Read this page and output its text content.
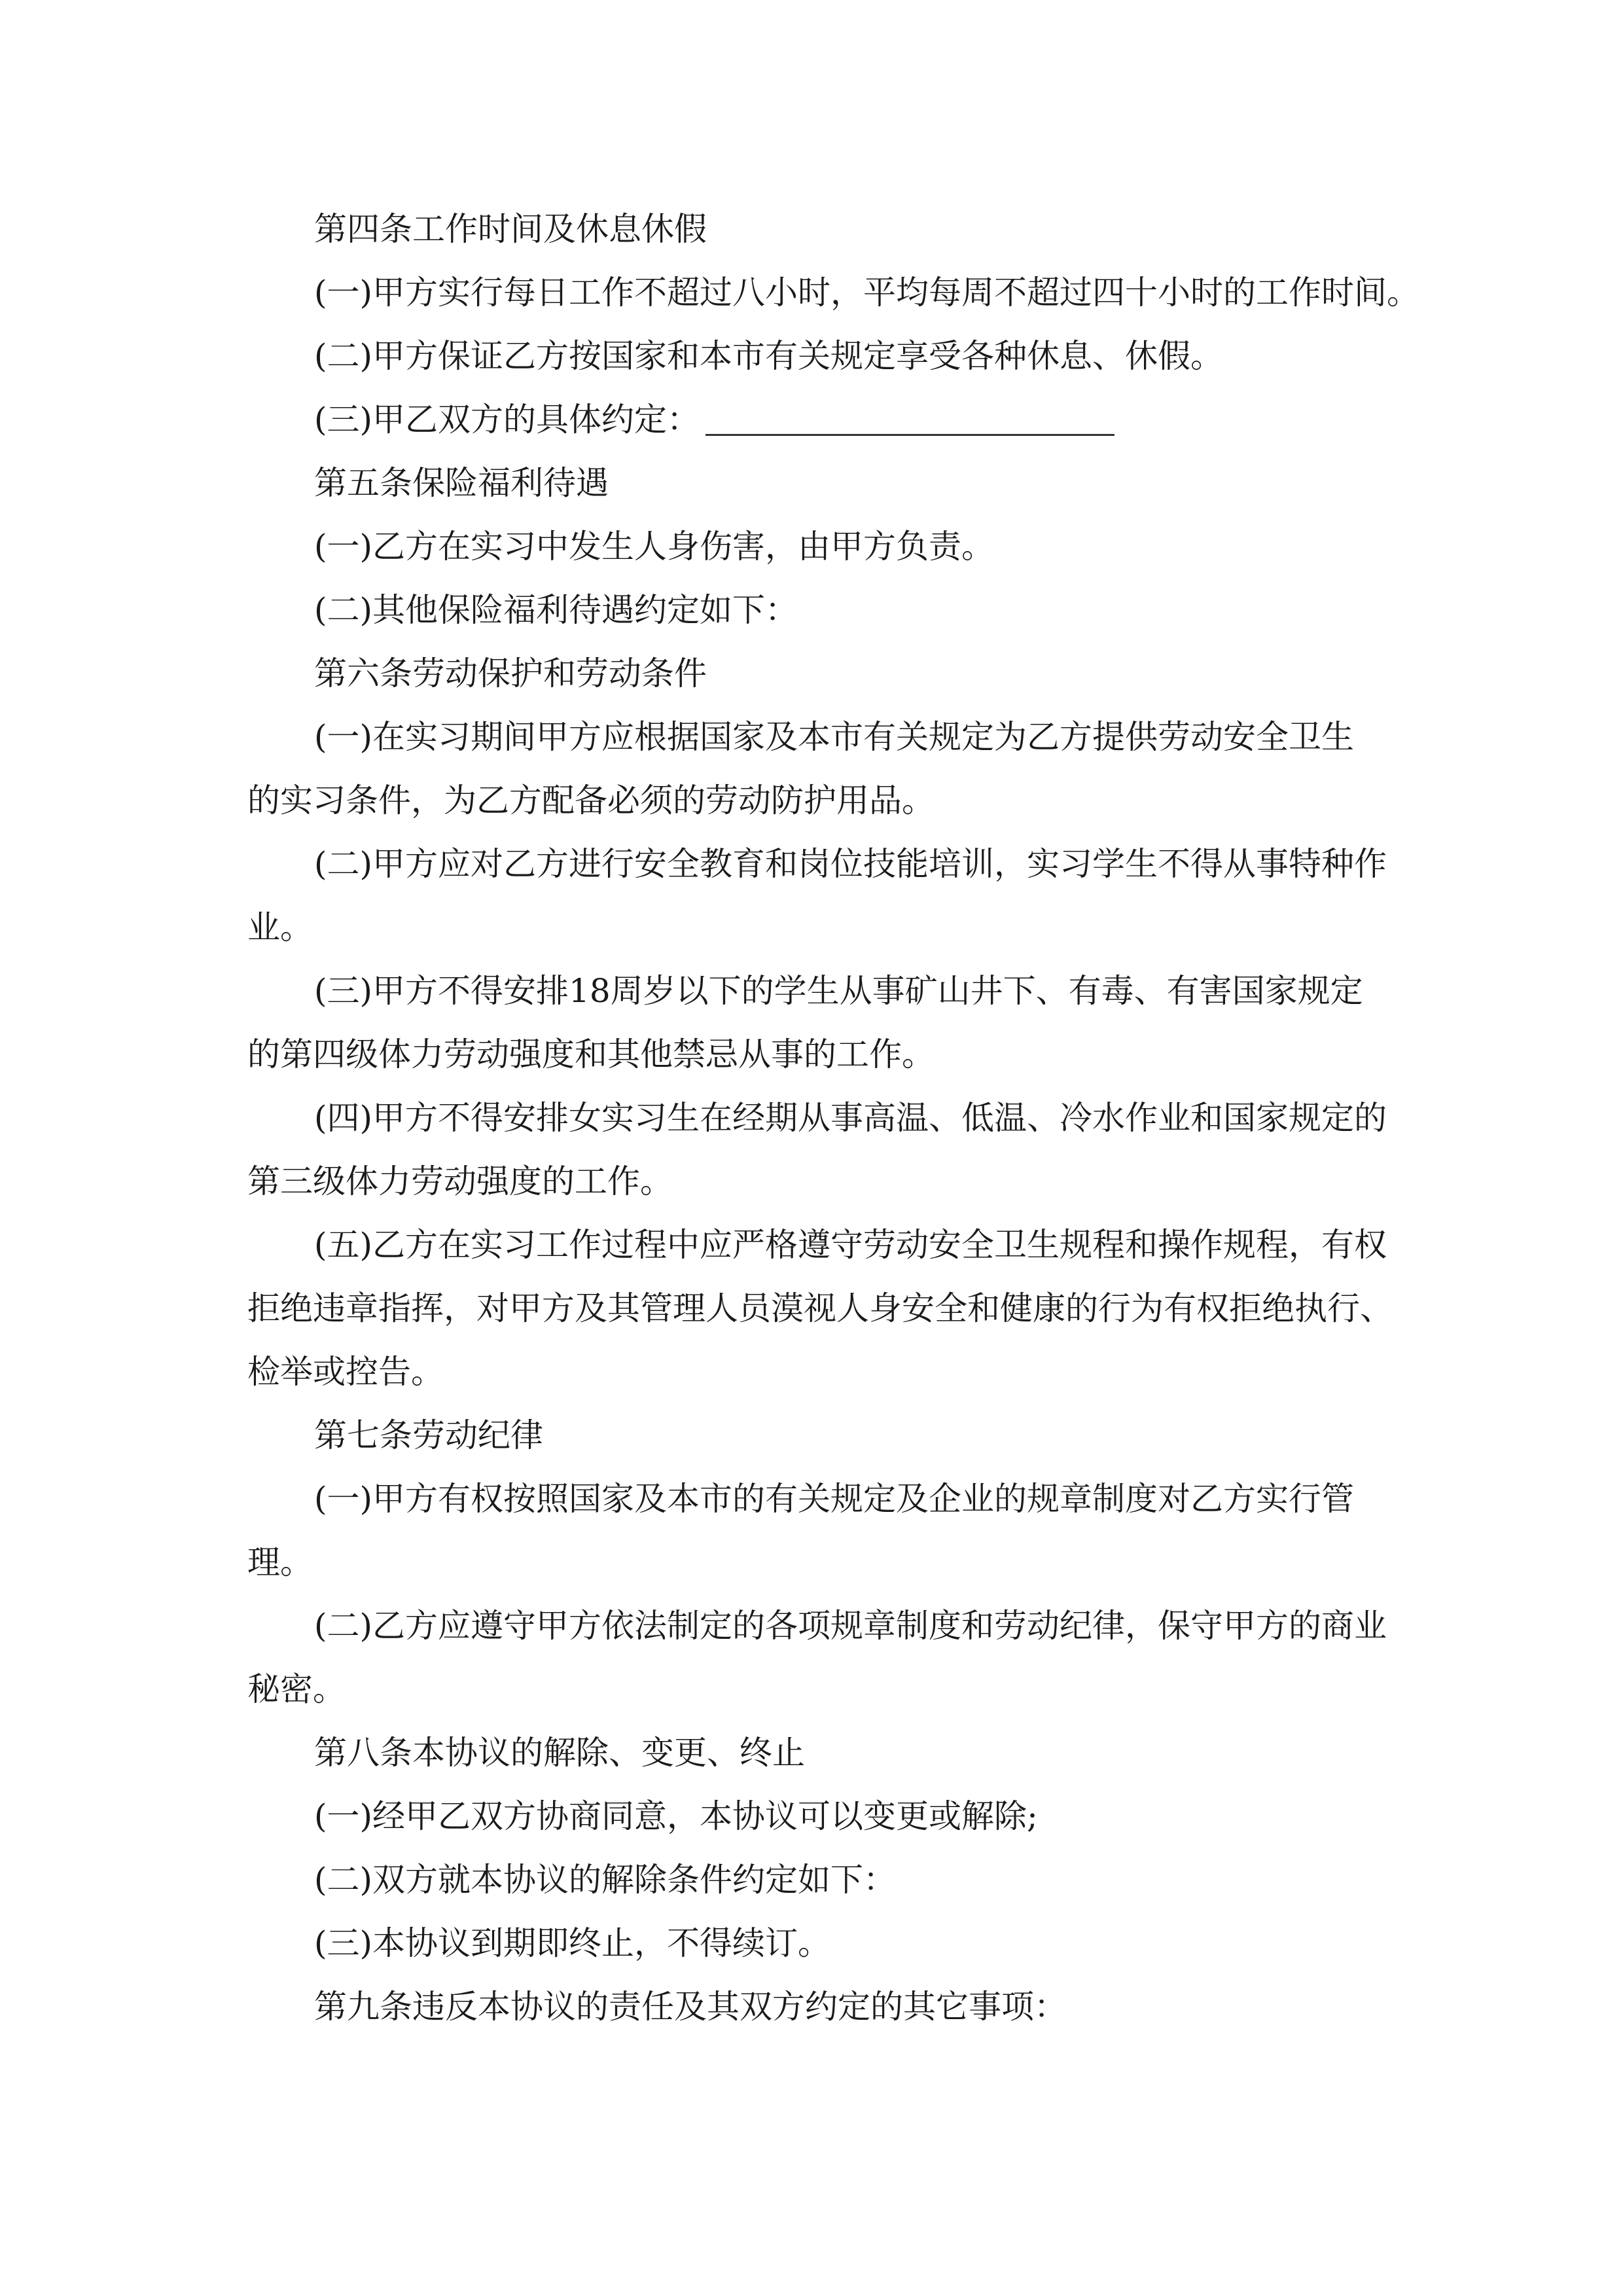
第四条工作时间及休息休假
(一)甲方实行每日工作不超过八小时，平均每周不超过四十小时的工作时间。
(二)甲方保证乙方按国家和本市有关规定享受各种休息、休假。
(三)甲乙双方的具体约定：
第五条保险福利待遇
(一)乙方在实习中发生人身伤害，由甲方负责。
(二)其他保险福利待遇约定如下：
第六条劳动保护和劳动条件
(一)在实习期间甲方应根据国家及本市有关规定为乙方提供劳动安全卫生
的实习条件，为乙方配备必须的劳动防护用品。
(二)甲方应对乙方进行安全教育和岗位技能培训，实习学生不得从事特种作
业。
(三)甲方不得安排18周岁以下的学生从事矿山井下、有毒、有害国家规定
的第四级体力劳动强度和其他禁忌从事的工作。
(四)甲方不得安排女实习生在经期从事高温、低温、冷水作业和国家规定的
第三级体力劳动强度的工作。
(五)乙方在实习工作过程中应严格遵守劳动安全卫生规程和操作规程，有权
拒绝违章指挥，对甲方及其管理人员漠视人身安全和健康的行为有权拒绝执行、
检举或控告。
第七条劳动纪律
(一)甲方有权按照国家及本市的有关规定及企业的规章制度对乙方实行管
理。
(二)乙方应遵守甲方依法制定的各项规章制度和劳动纪律，保守甲方的商业
秘密。
第八条本协议的解除、变更、终止
(一)经甲乙双方协商同意，本协议可以变更或解除;
(二)双方就本协议的解除条件约定如下：
(三)本协议到期即终止，不得续订。
第九条违反本协议的责任及其双方约定的其它事项：
